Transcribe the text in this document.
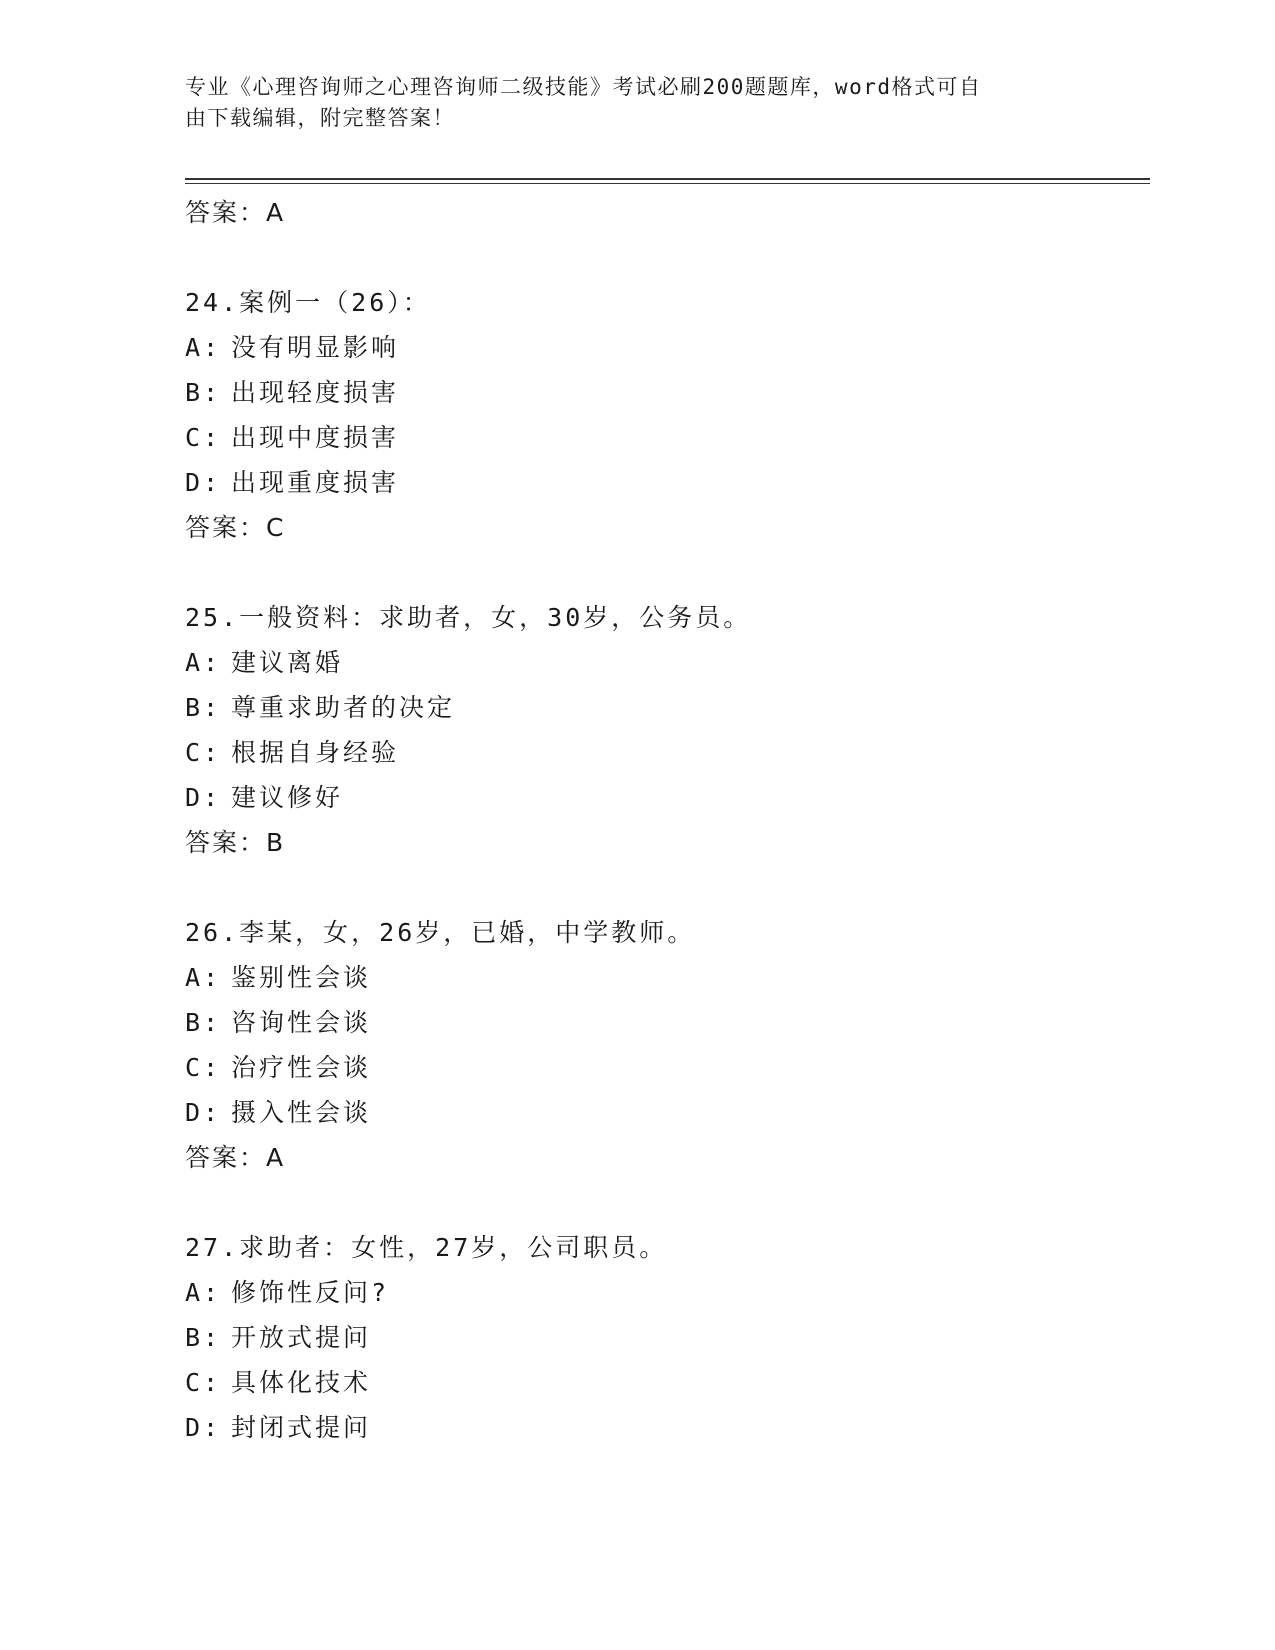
专业《心理咨询师之心理咨询师二级技能》考试必刷200题题库，word格式可自
由下载编辑，附完整答案！
答案：A
24.案例一（26）：
A: 没有明显影响
B: 出现轻度损害
C: 出现中度损害
D: 出现重度损害
答案：C
25.一般资料：求助者，女，30岁，公务员。
A: 建议离婚
B: 尊重求助者的决定
C: 根据自身经验
D: 建议修好
答案：B
26.李某，女，26岁，已婚，中学教师。
A: 鉴别性会谈
B: 咨询性会谈
C: 治疗性会谈
D: 摄入性会谈
答案：A
27.求助者：女性，27岁，公司职员。
A: 修饰性反问?
B: 开放式提问
C: 具体化技术
D: 封闭式提问
